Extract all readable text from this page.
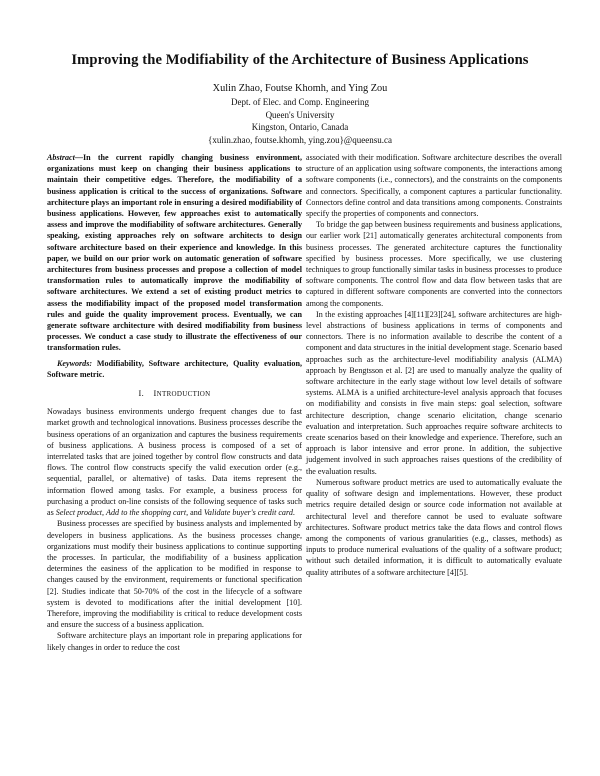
Improving the Modifiability of the Architecture of Business Applications
Xulin Zhao, Foutse Khomh, and Ying Zou
Dept. of Elec. and Comp. Engineering
Queen's University
Kingston, Ontario, Canada
{xulin.zhao, foutse.khomh, ying.zou}@queensu.ca

Abstract—In the current rapidly changing business environment, organizations must keep on changing their business applications to maintain their competitive edges. Therefore, the modifiability of a business application is critical to the success of organizations. Software architecture plays an important role in ensuring a desired modifiability of business applications. However, few approaches exist to automatically assess and improve the modifiability of software architectures. Generally speaking, existing approaches rely on software architects to design software architecture based on their experience and knowledge. In this paper, we build on our prior work on automatic generation of software architectures from business processes and propose a collection of model transformation rules to automatically improve the modifiability of software architectures. We extend a set of existing product metrics to assess the modifiability impact of the proposed model transformation rules and guide the quality improvement process. Eventually, we can generate software architecture with desired modifiability from business processes. We conduct a case study to illustrate the effectiveness of our transformation rules.

Keywords: Modifiability, Software architecture, Quality evaluation, Software metric.

I. INTRODUCTION

Nowadays business environments undergo frequent changes due to fast market growth and technological innovations. Business processes describe the business operations of an organization and captures the business requirements of business applications. A business process is composed of a set of interrelated tasks that are joined together by control flow constructs and data flows. The control flow constructs specify the valid execution order (e.g., sequential, parallel, or alternative) of tasks. Data items represent the information flowed among tasks. For example, a business process for purchasing a product on-line consists of the following sequence of tasks such as Select product, Add to the shopping cart, and Validate buyer's credit card.

Business processes are specified by business analysts and implemented by developers in business applications. As the business processes change, organizations must modify their business applications to continue supporting the processes. In particular, the modifiability of a business application determines the easiness of the application to be modified in response to changes caused by the environment, requirements or functional specification [2]. Studies indicate that 50-70% of the cost in the lifecycle of a software system is devoted to modifications after the initial development [10]. Therefore, improving the modifiability is critical to reduce development costs and ensure the success of a business application.

Software architecture plays an important role in preparing applications for likely changes in order to reduce the cost

associated with their modification. Software architecture describes the overall structure of an application using software components, the interactions among software components (i.e., connectors), and the constraints on the components and connectors. Specifically, a component captures a particular functionality. Connectors define control and data transitions among components. Constraints specify the properties of components and connectors.

To bridge the gap between business requirements and business applications, our earlier work [21] automatically generates architectural components from business processes. The generated architecture captures the functionality specified by business processes. More specifically, we use clustering techniques to group functionally similar tasks in business processes to produce software components. The control flow and data flow between tasks that are captured in different software components are converted into the connectors among the components.

In the existing approaches [4][11][23][24], software architectures are high-level abstractions of business applications in terms of components and connectors. There is no information available to describe the content of a component and data structures in the initial development stage. Scenario based approaches such as the architecture-level modifiability analysis (ALMA) approach by Bengtsson et al. [2] are used to manually analyze the quality of software architecture in the early stage without low level details of software systems. ALMA is a unified architecture-level analysis approach that focuses on modifiability and consists in five main steps: goal selection, software architecture description, change scenario elicitation, change scenario evaluation and interpretation. Such approaches require software architects to create scenarios based on their knowledge and experience. Therefore, such an approach is labor intensive and error prone. In addition, the subjective judgement involved in such approaches raises questions of the credibility of the evaluation results.

Numerous software product metrics are used to automatically evaluate the quality of software design and implementations. However, these product metrics require detailed design or source code information not available at architectural level and therefore cannot be used to evaluate software architectures. Software product metrics take the data flows and control flows among the components of various granularities (e.g., classes, methods) as inputs to produce numerical evaluations of the quality of a software product; without such detailed information, it is difficult to automatically evaluate quality attributes of a software architecture [4][5].
